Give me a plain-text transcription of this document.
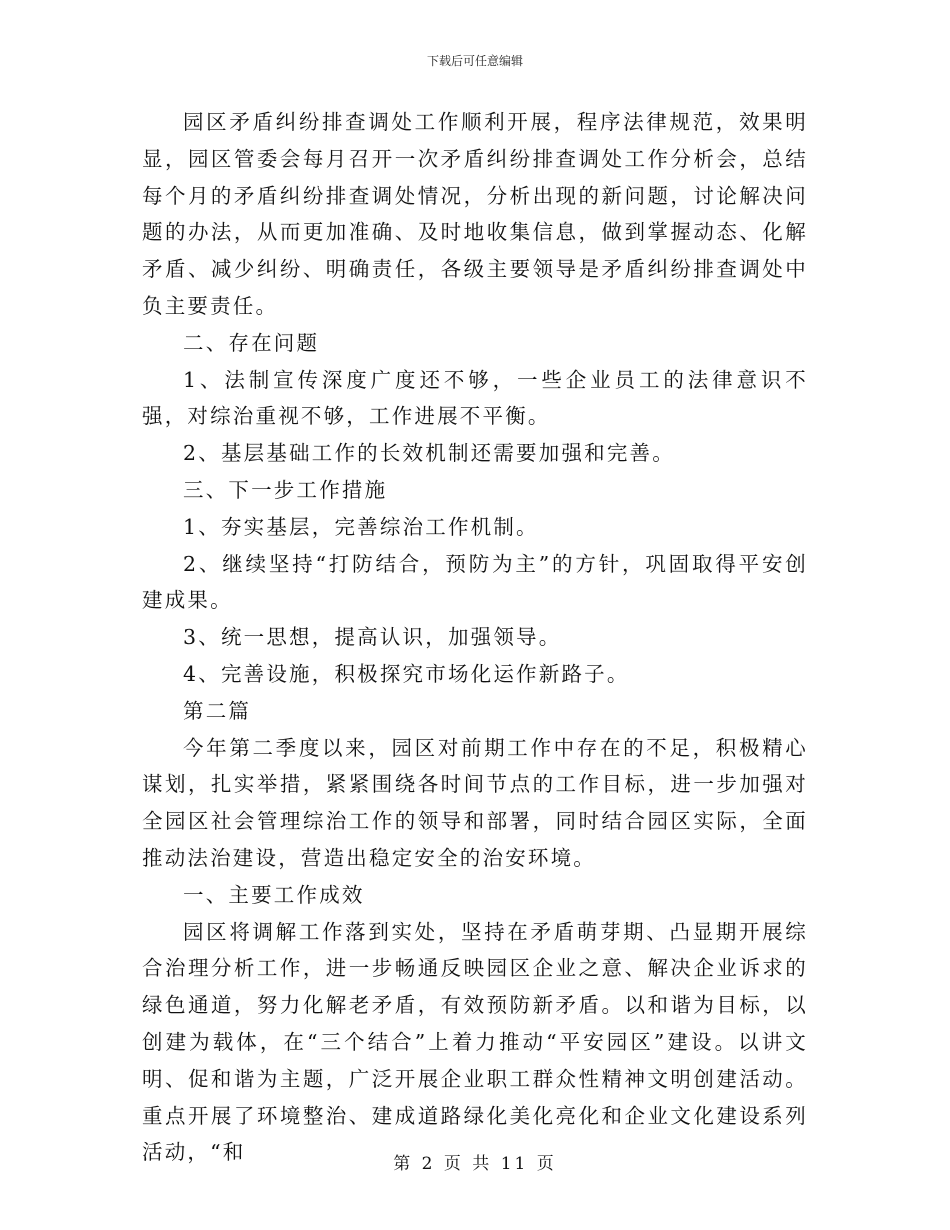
下载后可任意编辑

园区矛盾纠纷排查调处工作顺利开展，程序法律规范，效果明显，园区管委会每月召开一次矛盾纠纷排查调处工作分析会，总结每个月的矛盾纠纷排查调处情况，分析出现的新问题，讨论解决问题的办法，从而更加准确、及时地收集信息，做到掌握动态、化解矛盾、减少纠纷、明确责任，各级主要领导是矛盾纠纷排查调处中负主要责任。

二、存在问题

1、法制宣传深度广度还不够，一些企业员工的法律意识不强，对综治重视不够，工作进展不平衡。

2、基层基础工作的长效机制还需要加强和完善。

三、下一步工作措施

1、夯实基层，完善综治工作机制。

2、继续坚持“打防结合，预防为主”的方针，巩固取得平安创建成果。

3、统一思想，提高认识，加强领导。

4、完善设施，积极探究市场化运作新路子。

第二篇

今年第二季度以来，园区对前期工作中存在的不足，积极精心谋划，扎实举措，紧紧围绕各时间节点的工作目标，进一步加强对全园区社会管理综治工作的领导和部署，同时结合园区实际，全面推动法治建设，营造出稳定安全的治安环境。

一、主要工作成效

园区将调解工作落到实处，坚持在矛盾萌芽期、凸显期开展综合治理分析工作，进一步畅通反映园区企业之意、解决企业诉求的绿色通道，努力化解老矛盾，有效预防新矛盾。以和谐为目标，以创建为载体，在“三个结合”上着力推动“平安园区”建设。以讲文明、促和谐为主题，广泛开展企业职工群众性精神文明创建活动。重点开展了环境整治、建成道路绿化美化亮化和企业文化建设系列活动，“和	第 2 页 共 11 页
